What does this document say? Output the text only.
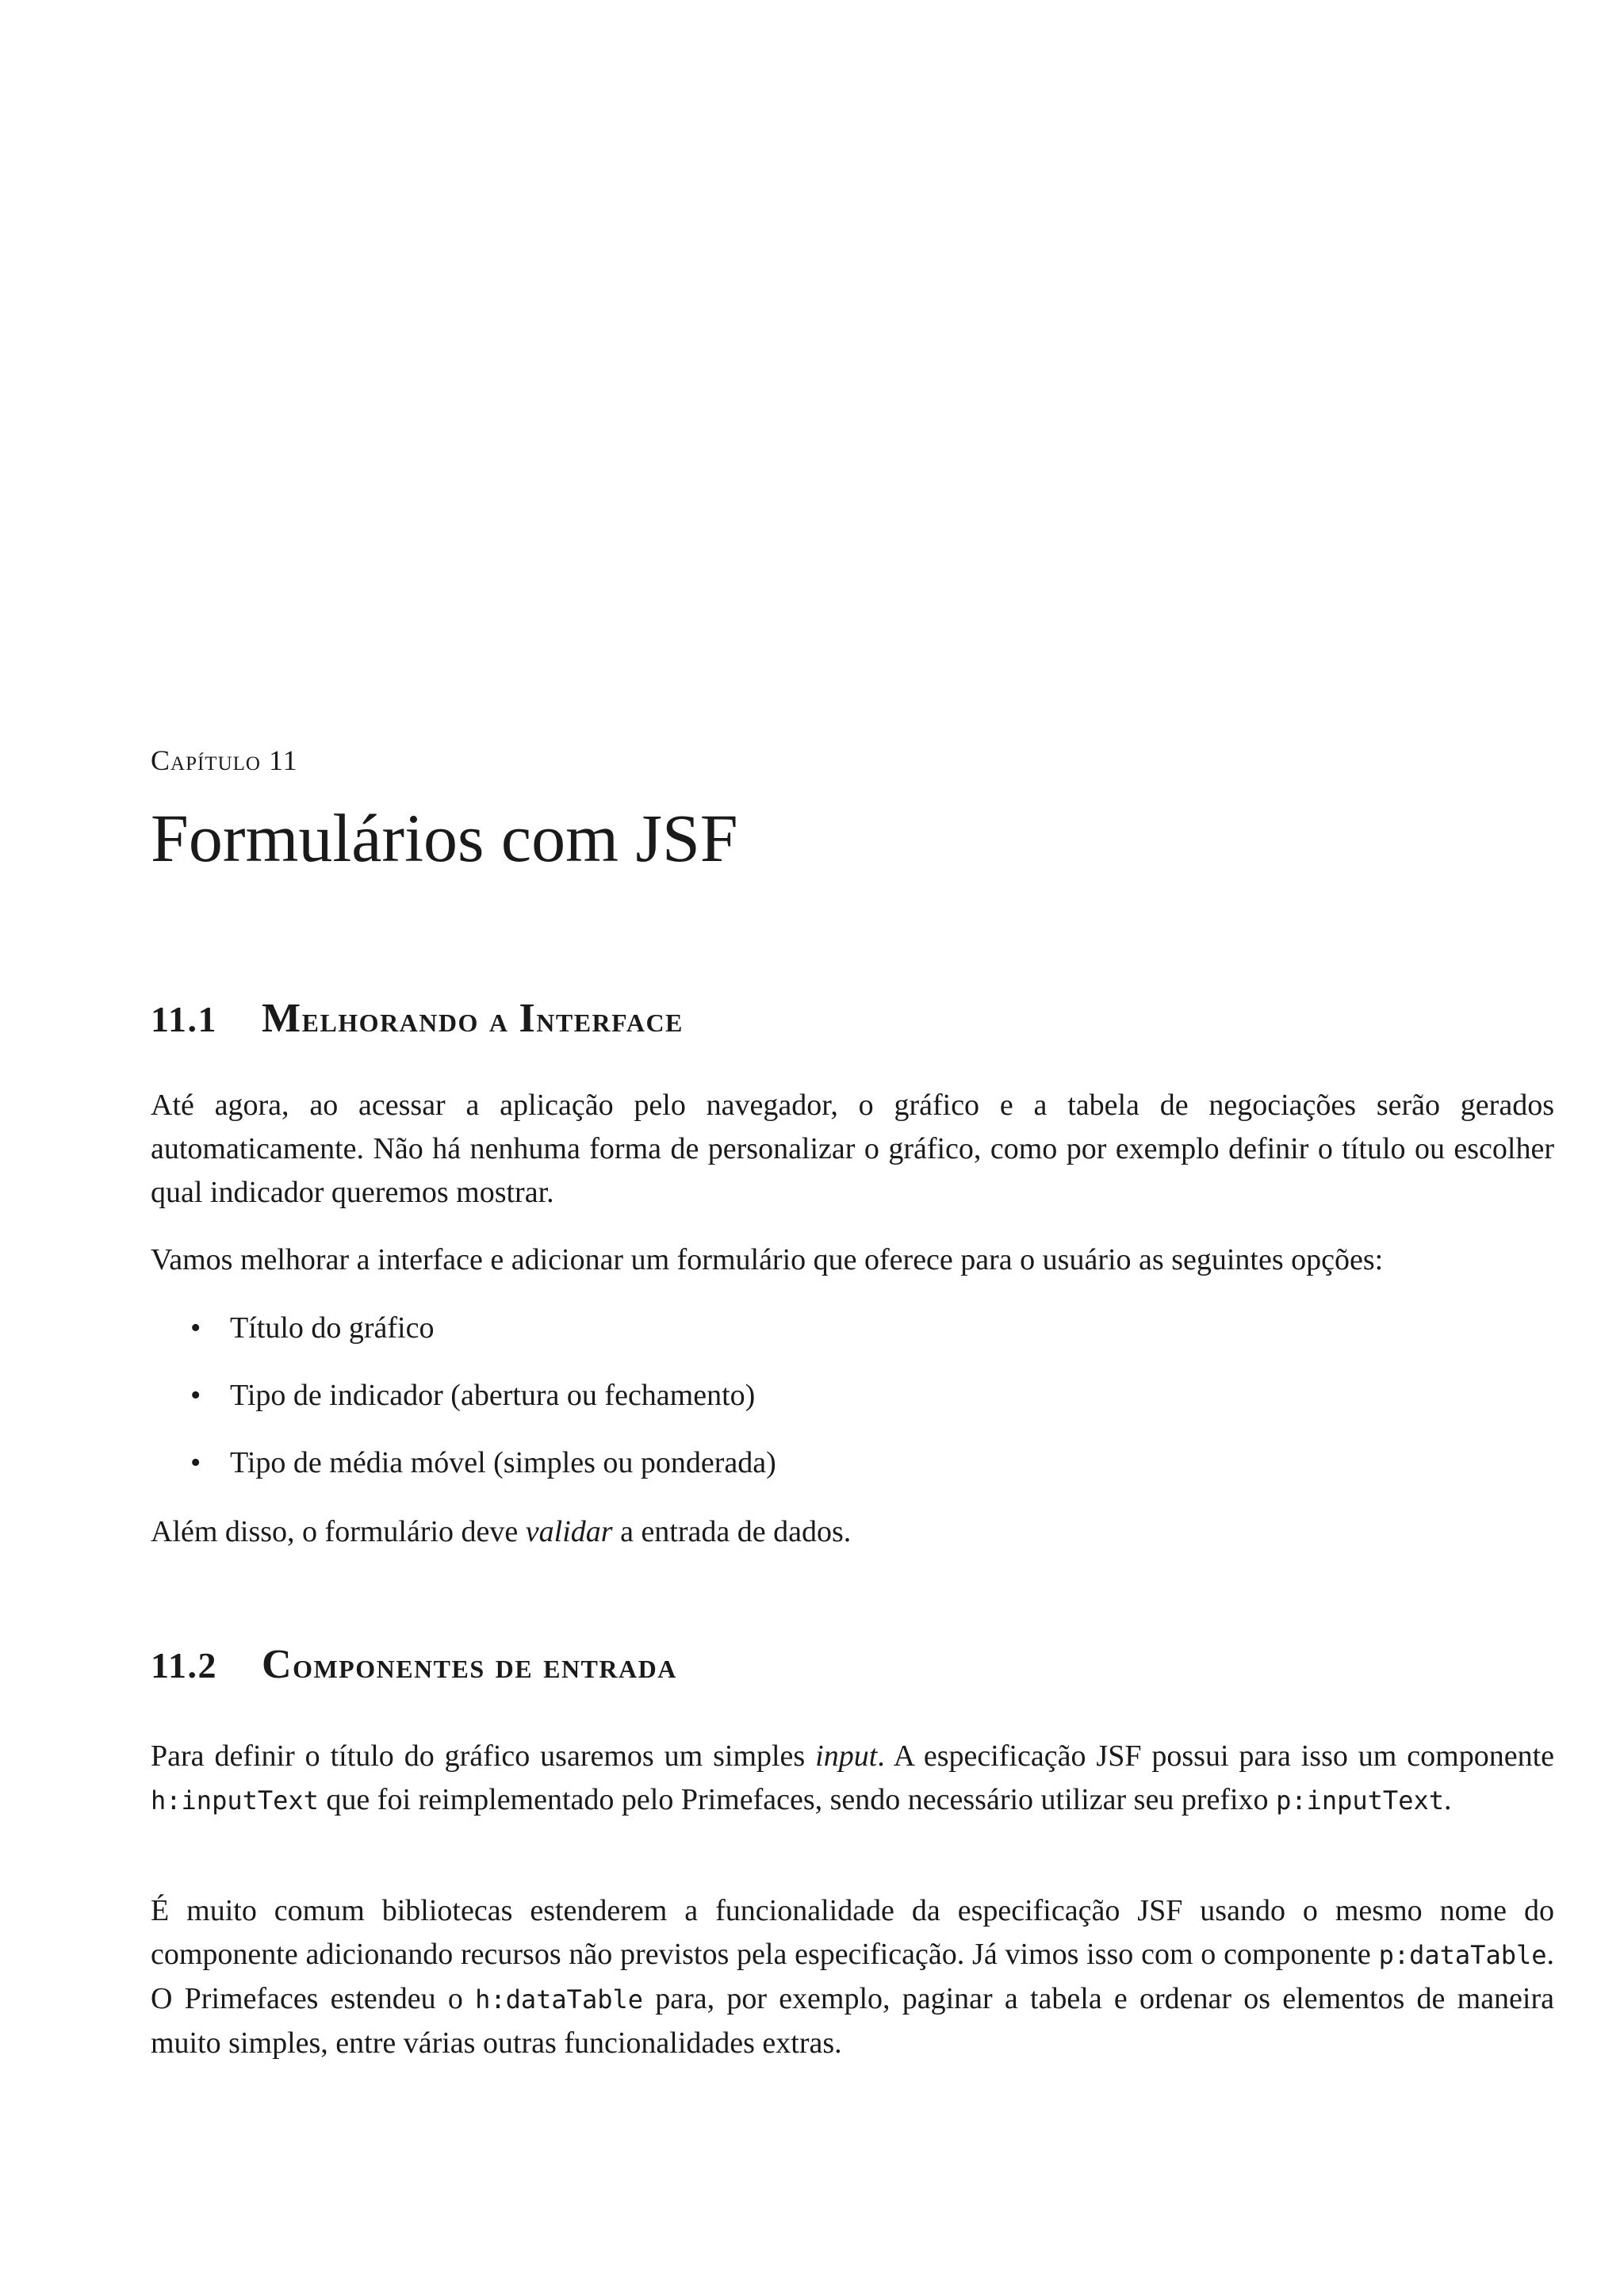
Capítulo 11
Formulários com JSF
11.1 Melhorando a Interface

Até agora, ao acessar a aplicação pelo navegador, o gráfico e a tabela de negociações serão gerados automaticamente. Não há nenhuma forma de personalizar o gráfico, como por exemplo definir o título ou escolher qual indicador queremos mostrar.

Vamos melhorar a interface e adicionar um formulário que oferece para o usuário as seguintes opções:

• Título do gráfico
• Tipo de indicador (abertura ou fechamento)
• Tipo de média móvel (simples ou ponderada)

Além disso, o formulário deve validar a entrada de dados.

11.2 Componentes de entrada

Para definir o título do gráfico usaremos um simples input. A especificação JSF possui para isso um componente h:inputText que foi reimplementado pelo Primefaces, sendo necessário utilizar seu prefixo p:inputText.

É muito comum bibliotecas estenderem a funcionalidade da especificação JSF usando o mesmo nome do componente adicionando recursos não previstos pela especificação. Já vimos isso com o componente p:dataTable. O Primefaces estendeu o h:dataTable para, por exemplo, paginar a tabela e ordenar os elementos de maneira muito simples, entre várias outras funcionalidades extras.
